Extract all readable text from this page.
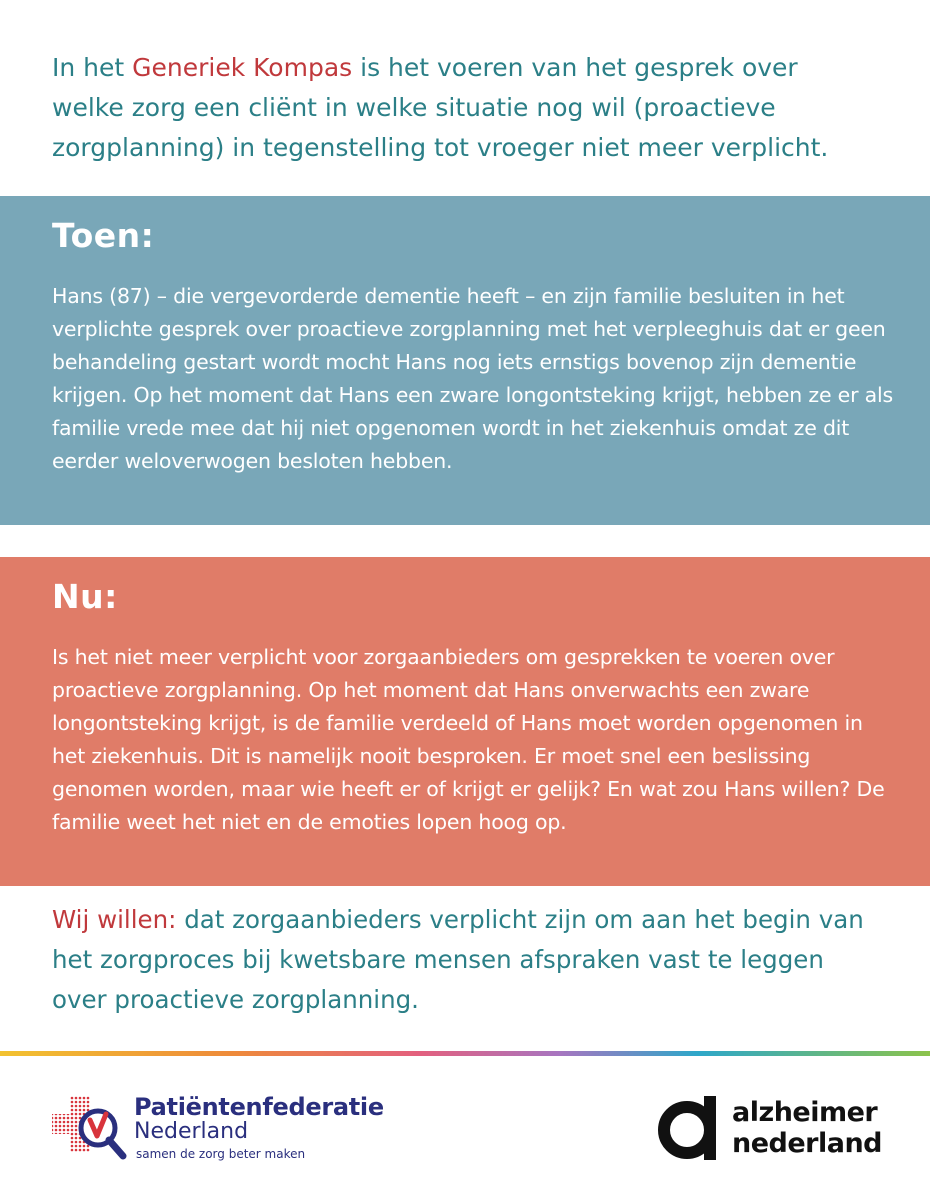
In het Generiek Kompas is het voeren van het gesprek over welke zorg een cliënt in welke situatie nog wil (proactieve zorgplanning) in tegenstelling tot vroeger niet meer verplicht.
Toen:

Hans (87) – die vergevorderde dementie heeft – en zijn familie besluiten in het verplichte gesprek over proactieve zorgplanning met het verpleeghuis dat er geen behandeling gestart wordt mocht Hans nog iets ernstigs bovenop zijn dementie krijgen. Op het moment dat Hans een zware longontsteking krijgt, hebben ze er als familie vrede mee dat hij niet opgenomen wordt in het ziekenhuis omdat ze dit eerder weloverwogen besloten hebben.

Nu:

Is het niet meer verplicht voor zorgaanbieders om gesprekken te voeren over proactieve zorgplanning. Op het moment dat Hans onverwachts een zware longontsteking krijgt, is de familie verdeeld of Hans moet worden opgenomen in het ziekenhuis. Dit is namelijk nooit besproken. Er moet snel een beslissing genomen worden, maar wie heeft er of krijgt er gelijk? En wat zou Hans willen? De familie weet het niet en de emoties lopen hoog op.

Wij willen: dat zorgaanbieders verplicht zijn om aan het begin van het zorgproces bij kwetsbare mensen afspraken vast te leggen over proactieve zorgplanning.
Patiëntenfederatie
Nederland
samen de zorg beter maken
alzheimer
nederland
